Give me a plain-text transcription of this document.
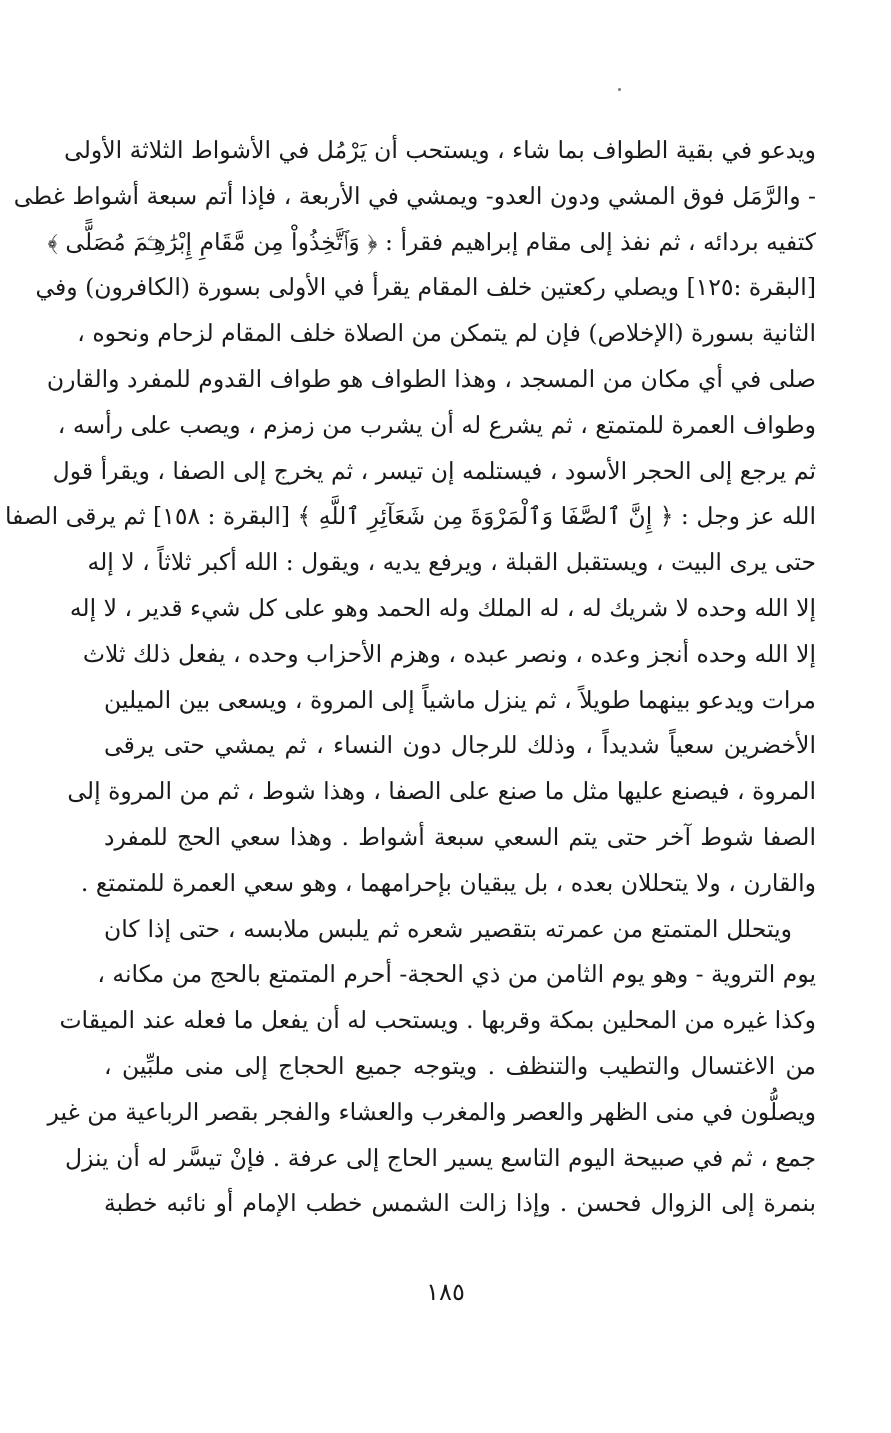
ويدعو في بقية الطواف بما شاء ، ويستحب أن يَرْمُل في الأشواط الثلاثة الأولى
- والرَّمَل فوق المشي ودون العدو- ويمشي في الأربعة ، فإذا أتم سبعة أشواط غطى
كتفيه بردائه ، ثم نفذ إلى مقام إبراهيم فقرأ : ﴿ وَٱتَّخِذُواْ مِن مَّقَامِ إِبْرَٰهِـۧمَ مُصَلًّى ﴾
[البقرة :١٢٥] ويصلي ركعتين خلف المقام يقرأ في الأولى بسورة (الكافرون) وفي
الثانية بسورة (الإخلاص) فإن لم يتمكن من الصلاة خلف المقام لزحام ونحوه ،
صلى في أي مكان من المسجد ، وهذا الطواف هو طواف القدوم للمفرد والقارن
وطواف العمرة للمتمتع ، ثم يشرع له أن يشرب من زمزم ، ويصب على رأسه ،
ثم يرجع إلى الحجر الأسود ، فيستلمه إن تيسر ، ثم يخرج إلى الصفا ، ويقرأ قول
الله عز وجل : ﴿ إِنَّ ٱلصَّفَا وَٱلْمَرْوَةَ مِن شَعَآئِرِ ٱللَّهِ ﴾ [البقرة : ١٥٨] ثم يرقى الصفا
حتى يرى البيت ، ويستقبل القبلة ، ويرفع يديه ، ويقول : الله أكبر ثلاثاً ، لا إله
إلا الله وحده لا شريك له ، له الملك وله الحمد وهو على كل شيء قدير ، لا إله
إلا الله وحده أنجز وعده ، ونصر عبده ، وهزم الأحزاب وحده ، يفعل ذلك ثلاث
مرات ويدعو بينهما طويلاً ، ثم ينزل ماشياً إلى المروة ، ويسعى بين الميلين
الأخضرين سعياً شديداً ، وذلك للرجال دون النساء ، ثم يمشي حتى يرقى
المروة ، فيصنع عليها مثل ما صنع على الصفا ، وهذا شوط ، ثم من المروة إلى
الصفا شوط آخر حتى يتم السعي سبعة أشواط . وهذا سعي الحج للمفرد
والقارن ، ولا يتحللان بعده ، بل يبقيان بإحرامهما ، وهو سعي العمرة للمتمتع .
ويتحلل المتمتع من عمرته بتقصير شعره ثم يلبس ملابسه ، حتى إذا كان
يوم التروية - وهو يوم الثامن من ذي الحجة- أحرم المتمتع بالحج من مكانه ،
وكذا غيره من المحلين بمكة وقربها . ويستحب له أن يفعل ما فعله عند الميقات
من الاغتسال والتطيب والتنظف . ويتوجه جميع الحجاج إلى منى ملبِّين ،
ويصلُّون في منى الظهر والعصر والمغرب والعشاء والفجر بقصر الرباعية من غير
جمع ، ثم في صبيحة اليوم التاسع يسير الحاج إلى عرفة . فإنْ تيسَّر له أن ينزل
بنمرة إلى الزوال فحسن . وإذا زالت الشمس خطب الإمام أو نائبه خطبة
١٨٥
